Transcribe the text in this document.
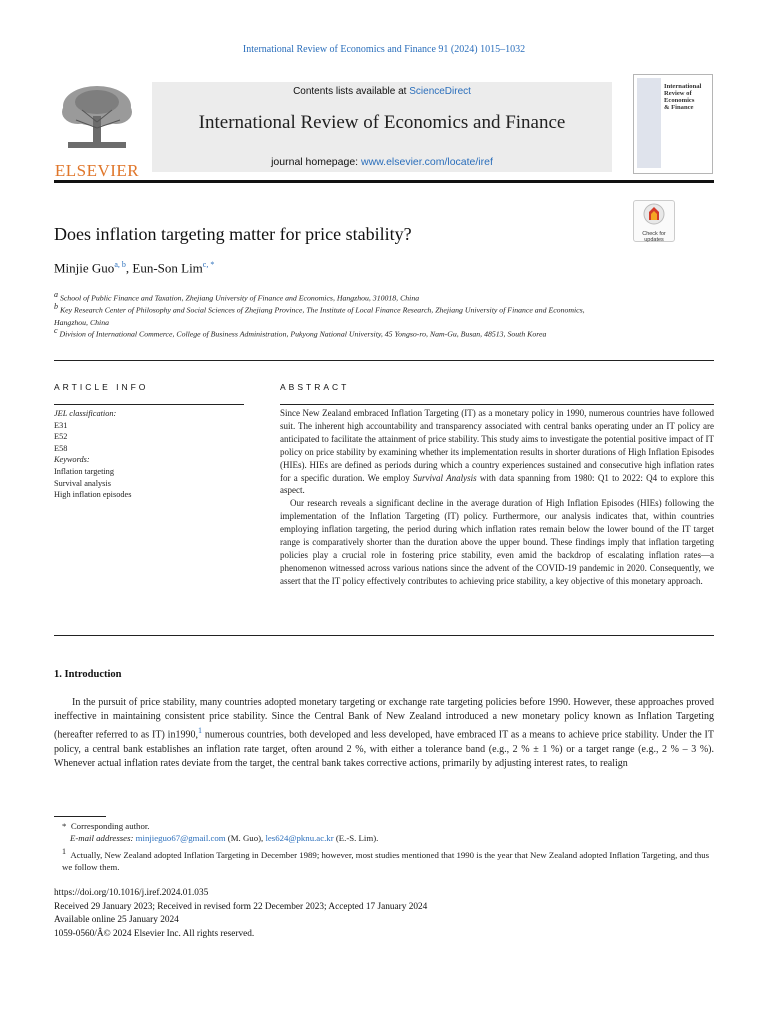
International Review of Economics and Finance 91 (2024) 1015–1032
ELSEVIER
Contents lists available at ScienceDirect
International Review of Economics and Finance
journal homepage: www.elsevier.com/locate/iref
International
Review of
Economics
& Finance
Check for
updates
Does inflation targeting matter for price stability?
Minjie Guo$^{a, b}$, Eun-Son Lim$^{c, *}$
$^a$ School of Public Finance and Taxation, Zhejiang University of Finance and Economics, Hangzhou, 310018, China
$^b$ Key Research Center of Philosophy and Social Sciences of Zhejiang Province, The Institute of Local Finance Research, Zhejiang University of Finance and Economics, Hangzhou, China
$^c$ Division of International Commerce, College of Business Administration, Pukyong National University, 45 Yongso-ro, Nam-Gu, Busan, 48513, South Korea
ARTICLE INFO	ABSTRACT
JEL classification:
E31
E52
E58
Keywords:
Inflation targeting
Survival analysis
High inflation episodes

Since New Zealand embraced Inflation Targeting (IT) as a monetary policy in 1990, numerous countries have followed suit. The inherent high accountability and transparency associated with central banks operating under an IT policy are anticipated to facilitate the attainment of price stability. This study aims to investigate the potential positive impact of IT policy on price stability by examining whether its implementation results in shorter durations of High Inflation Episodes (HIEs). HIEs are defined as periods during which a country experiences sustained and consecutive high inflation rates for a specific duration. We employ Survival Analysis with data spanning from 1980: Q1 to 2022: Q4 to explore this aspect.

Our research reveals a significant decline in the average duration of High Inflation Episodes (HIEs) following the implementation of the Inflation Targeting (IT) policy. Furthermore, our analysis indicates that, within countries employing inflation targeting, the period during which inflation rates remain below the lower bound of the IT target range is comparatively shorter than the duration above the upper bound. These findings imply that inflation targeting policies play a crucial role in fostering price stability, even amid the backdrop of escalating inflation rates—a phenomenon witnessed across various nations since the advent of the COVID-19 pandemic in 2020. Consequently, we assert that the IT policy effectively contributes to achieving price stability, a key objective of this monetary approach.

1. Introduction

In the pursuit of price stability, many countries adopted monetary targeting or exchange rate targeting policies before 1990. However, these approaches proved ineffective in maintaining consistent price stability. Since the Central Bank of New Zealand introduced a new monetary policy known as Inflation Targeting (hereafter referred to as IT) in1990,$^1$ numerous countries, both developed and less developed, have embraced IT as a means to achieve price stability. Under the IT policy, a central bank establishes an inflation rate target, often around 2 %, with either a tolerance band (e.g., 2 % ± 1 %) or a target range (e.g., 2 % – 3 %). Whenever actual inflation rates deviate from the target, the central bank takes corrective actions, primarily by adjusting interest rates, to realign

* Corresponding author.
E-mail addresses: minjieguo67@gmail.com (M. Guo), les624@pknu.ac.kr (E.-S. Lim).
$^1$ Actually, New Zealand adopted Inflation Targeting in December 1989; however, most studies mentioned that 1990 is the year that New Zealand adopted Inflation Targeting, and thus we follow them.
https://doi.org/10.1016/j.iref.2024.01.035
Received 29 January 2023; Received in revised form 22 December 2023; Accepted 17 January 2024
Available online 25 January 2024
1059-0560/Â© 2024 Elsevier Inc. All rights reserved.
